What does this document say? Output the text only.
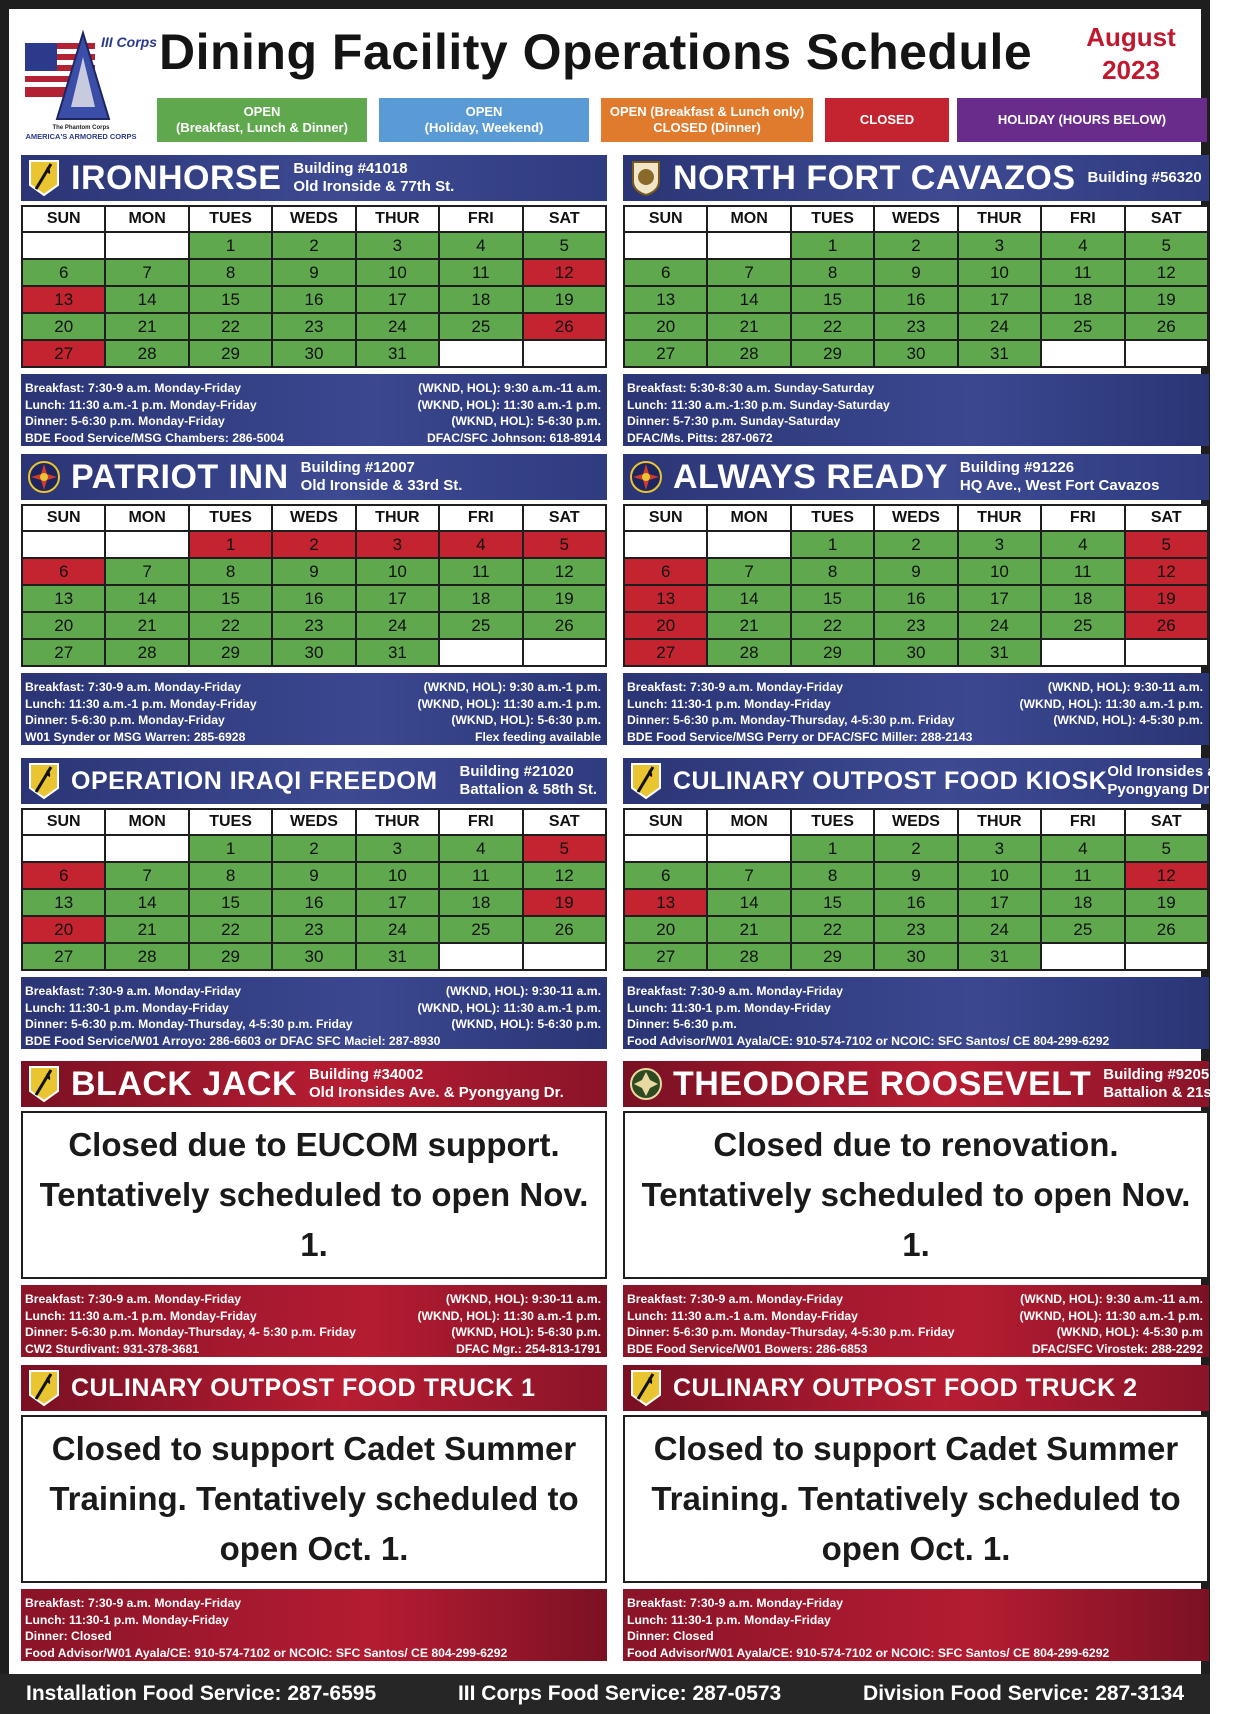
III Corps
The Phantom Corps
AMERICA'S ARMORED CORPS
Dining Facility Operations Schedule August
2023
OPEN
(Breakfast, Lunch & Dinner)
OPEN
(Holiday, Weekend)
OPEN (Breakfast & Lunch only)
CLOSED (Dinner)
CLOSED	HOLIDAY (HOURS BELOW)
IRONHORSE Building #41018
Old Ironside & 77th St.
SUN	MON	TUES	WEDS	THUR	FRI	SAT
		1	2	3	4	5
6	7	8	9	10	11	12
13	14	15	16	17	18	19
20	21	22	23	24	25	26
27	28	29	30	31		
Breakfast: 7:30-9 a.m. Monday-Friday
Lunch: 11:30 a.m.-1 p.m. Monday-Friday
Dinner: 5-6:30 p.m. Monday-Friday
BDE Food Service/MSG Chambers: 286-5004
(WKND, HOL): 9:30 a.m.-11 a.m.
(WKND, HOL): 11:30 a.m.-1 p.m.
(WKND, HOL): 5-6:30 p.m.
DFAC/SFC Johnson: 618-8914
NORTH FORT CAVAZOS Building #56320
SUN	MON	TUES	WEDS	THUR	FRI	SAT
		1	2	3	4	5
6	7	8	9	10	11	12
13	14	15	16	17	18	19
20	21	22	23	24	25	26
27	28	29	30	31		
Breakfast: 5:30-8:30 a.m. Sunday-Saturday
Lunch: 11:30 a.m.-1:30 p.m. Sunday-Saturday
Dinner: 5-7:30 p.m. Sunday-Saturday
DFAC/Ms. Pitts: 287-0672
PATRIOT INN Building #12007
Old Ironside & 33rd St.
SUN	MON	TUES	WEDS	THUR	FRI	SAT
		1	2	3	4	5
6	7	8	9	10	11	12
13	14	15	16	17	18	19
20	21	22	23	24	25	26
27	28	29	30	31		
Breakfast: 7:30-9 a.m. Monday-Friday
Lunch: 11:30 a.m.-1 p.m. Monday-Friday
Dinner: 5-6:30 p.m. Monday-Friday
W01 Synder or MSG Warren: 285-6928
(WKND, HOL): 9:30 a.m.-1 p.m.
(WKND, HOL): 11:30 a.m.-1 p.m.
(WKND, HOL): 5-6:30 p.m.
Flex feeding available
ALWAYS READY Building #91226
HQ Ave., West Fort Cavazos
SUN	MON	TUES	WEDS	THUR	FRI	SAT
		1	2	3	4	5
6	7	8	9	10	11	12
13	14	15	16	17	18	19
20	21	22	23	24	25	26
27	28	29	30	31		
Breakfast: 7:30-9 a.m. Monday-Friday
Lunch: 11:30-1 p.m. Monday-Friday
Dinner: 5-6:30 p.m. Monday-Thursday, 4-5:30 p.m. Friday
BDE Food Service/MSG Perry or DFAC/SFC Miller: 288-2143
(WKND, HOL): 9:30-11 a.m.
(WKND, HOL): 11:30 a.m.-1 p.m.
(WKND, HOL): 4-5:30 p.m.
OPERATION IRAQI FREEDOM Building #21020
Battalion & 58th St.
SUN	MON	TUES	WEDS	THUR	FRI	SAT
		1	2	3	4	5
6	7	8	9	10	11	12
13	14	15	16	17	18	19
20	21	22	23	24	25	26
27	28	29	30	31		
Breakfast: 7:30-9 a.m. Monday-Friday
Lunch: 11:30-1 p.m. Monday-Friday
Dinner: 5-6:30 p.m. Monday-Thursday, 4-5:30 p.m. Friday
BDE Food Service/W01 Arroyo: 286-6603 or DFAC SFC Maciel: 287-8930
(WKND, HOL): 9:30-11 a.m.
(WKND, HOL): 11:30 a.m.-1 p.m.
(WKND, HOL): 5-6:30 p.m.
CULINARY OUTPOST FOOD KIOSK Old Ironsides and
Pyongyang Drive
SUN	MON	TUES	WEDS	THUR	FRI	SAT
		1	2	3	4	5
6	7	8	9	10	11	12
13	14	15	16	17	18	19
20	21	22	23	24	25	26
27	28	29	30	31		
Breakfast: 7:30-9 a.m. Monday-Friday
Lunch: 11:30-1 p.m. Monday-Friday
Dinner: 5-6:30 p.m.
Food Advisor/W01 Ayala/CE: 910-574-7102 or NCOIC: SFC Santos/ CE 804-299-6292
BLACK JACK Building #34002
Old Ironsides Ave. & Pyongyang Dr.
Closed due to EUCOM support. Tentatively scheduled to open Nov. 1.
Breakfast: 7:30-9 a.m. Monday-Friday
Lunch: 11:30 a.m.-1 p.m. Monday-Friday
Dinner: 5-6:30 p.m. Monday-Thursday, 4- 5:30 p.m. Friday
CW2 Sturdivant: 931-378-3681
(WKND, HOL): 9:30-11 a.m.
(WKND, HOL): 11:30 a.m.-1 p.m.
(WKND, HOL): 5-6:30 p.m.
DFAC Mgr.: 254-813-1791
THEODORE ROOSEVELT Building #9205
Battalion & 21st St.
Closed due to renovation. Tentatively scheduled to open Nov. 1.
Breakfast: 7:30-9 a.m. Monday-Friday
Lunch: 11:30 a.m.-1 a.m. Monday-Friday
Dinner: 5-6:30 p.m. Monday-Thursday, 4-5:30 p.m. Friday
BDE Food Service/W01 Bowers: 286-6853
(WKND, HOL): 9:30 a.m.-11 a.m.
(WKND, HOL): 11:30 a.m.-1 p.m.
(WKND, HOL): 4-5:30 p.m
DFAC/SFC Virostek: 288-2292
CULINARY OUTPOST FOOD TRUCK 1
Closed to support Cadet Summer Training. Tentatively scheduled to open Oct. 1.
Breakfast: 7:30-9 a.m. Monday-Friday
Lunch: 11:30-1 p.m. Monday-Friday
Dinner: Closed
Food Advisor/W01 Ayala/CE: 910-574-7102 or NCOIC: SFC Santos/ CE 804-299-6292
CULINARY OUTPOST FOOD TRUCK 2
Closed to support Cadet Summer Training. Tentatively scheduled to open Oct. 1.
Breakfast: 7:30-9 a.m. Monday-Friday
Lunch: 11:30-1 p.m. Monday-Friday
Dinner: Closed
Food Advisor/W01 Ayala/CE: 910-574-7102 or NCOIC: SFC Santos/ CE 804-299-6292
Installation Food Service: 287-6595	III Corps Food Service: 287-0573	Division Food Service: 287-3134
